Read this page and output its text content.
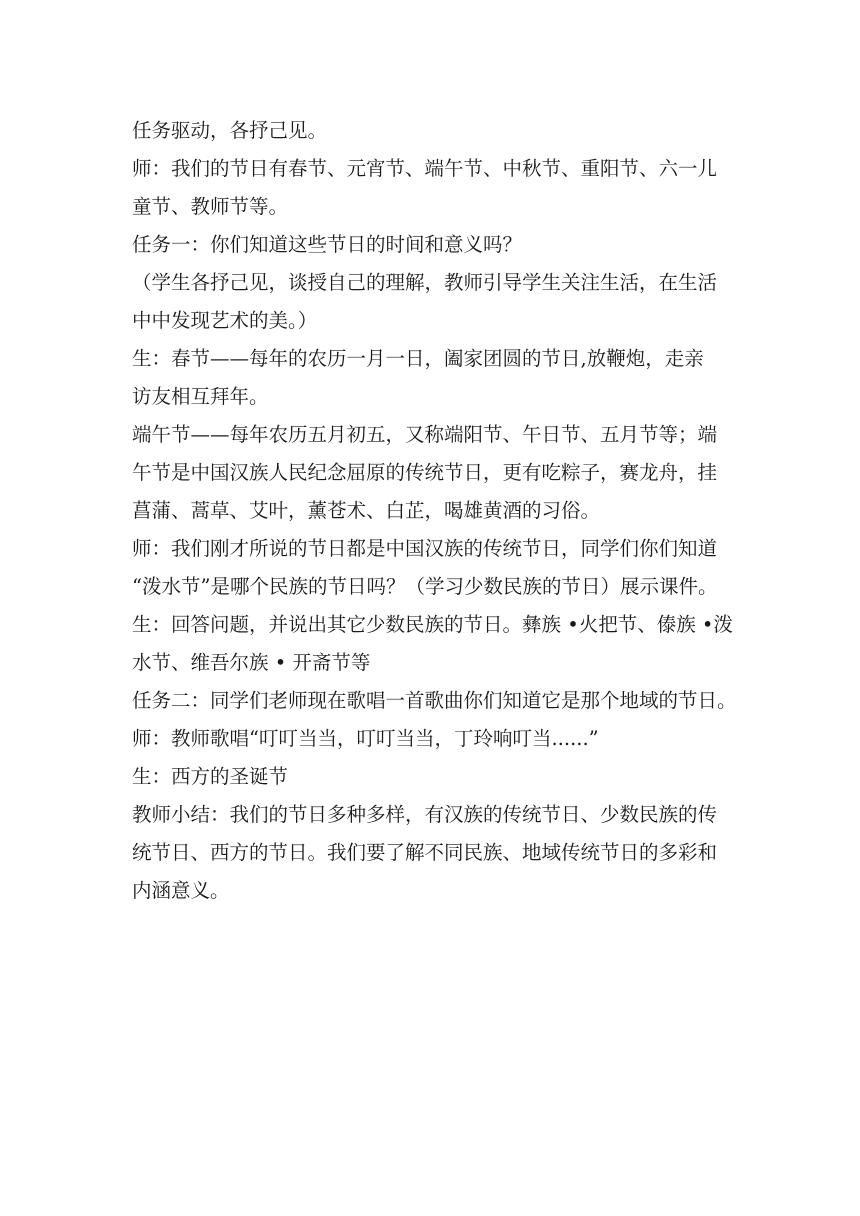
任务驱动，各抒己见。
师：我们的节日有春节、元宵节、端午节、中秋节、重阳节、六一儿
童节、教师节等。
任务一：你们知道这些节日的时间和意义吗？
（学生各抒己见，谈授自己的理解，教师引导学生关注生活，在生活
中中发现艺术的美。）
生：春节——每年的农历一月一日，阖家团圆的节日,放鞭炮，走亲
访友相互拜年。
端午节——每年农历五月初五，又称端阳节、午日节、五月节等；端
午节是中国汉族人民纪念屈原的传统节日，更有吃粽子，赛龙舟，挂
菖蒲、蒿草、艾叶，薰苍术、白芷，喝雄黄酒的习俗。
师：我们刚才所说的节日都是中国汉族的传统节日，同学们你们知道
“泼水节”是哪个民族的节日吗？（学习少数民族的节日）展示课件。
生：回答问题，并说出其它少数民族的节日。彝族 •火把节、傣族 •泼
水节、维吾尔族 • 开斋节等
任务二：同学们老师现在歌唱一首歌曲你们知道它是那个地域的节日。
师：教师歌唱“叮叮当当，叮叮当当，丁玲响叮当......”
生：西方的圣诞节
教师小结：我们的节日多种多样，有汉族的传统节日、少数民族的传
统节日、西方的节日。我们要了解不同民族、地域传统节日的多彩和
内涵意义。
